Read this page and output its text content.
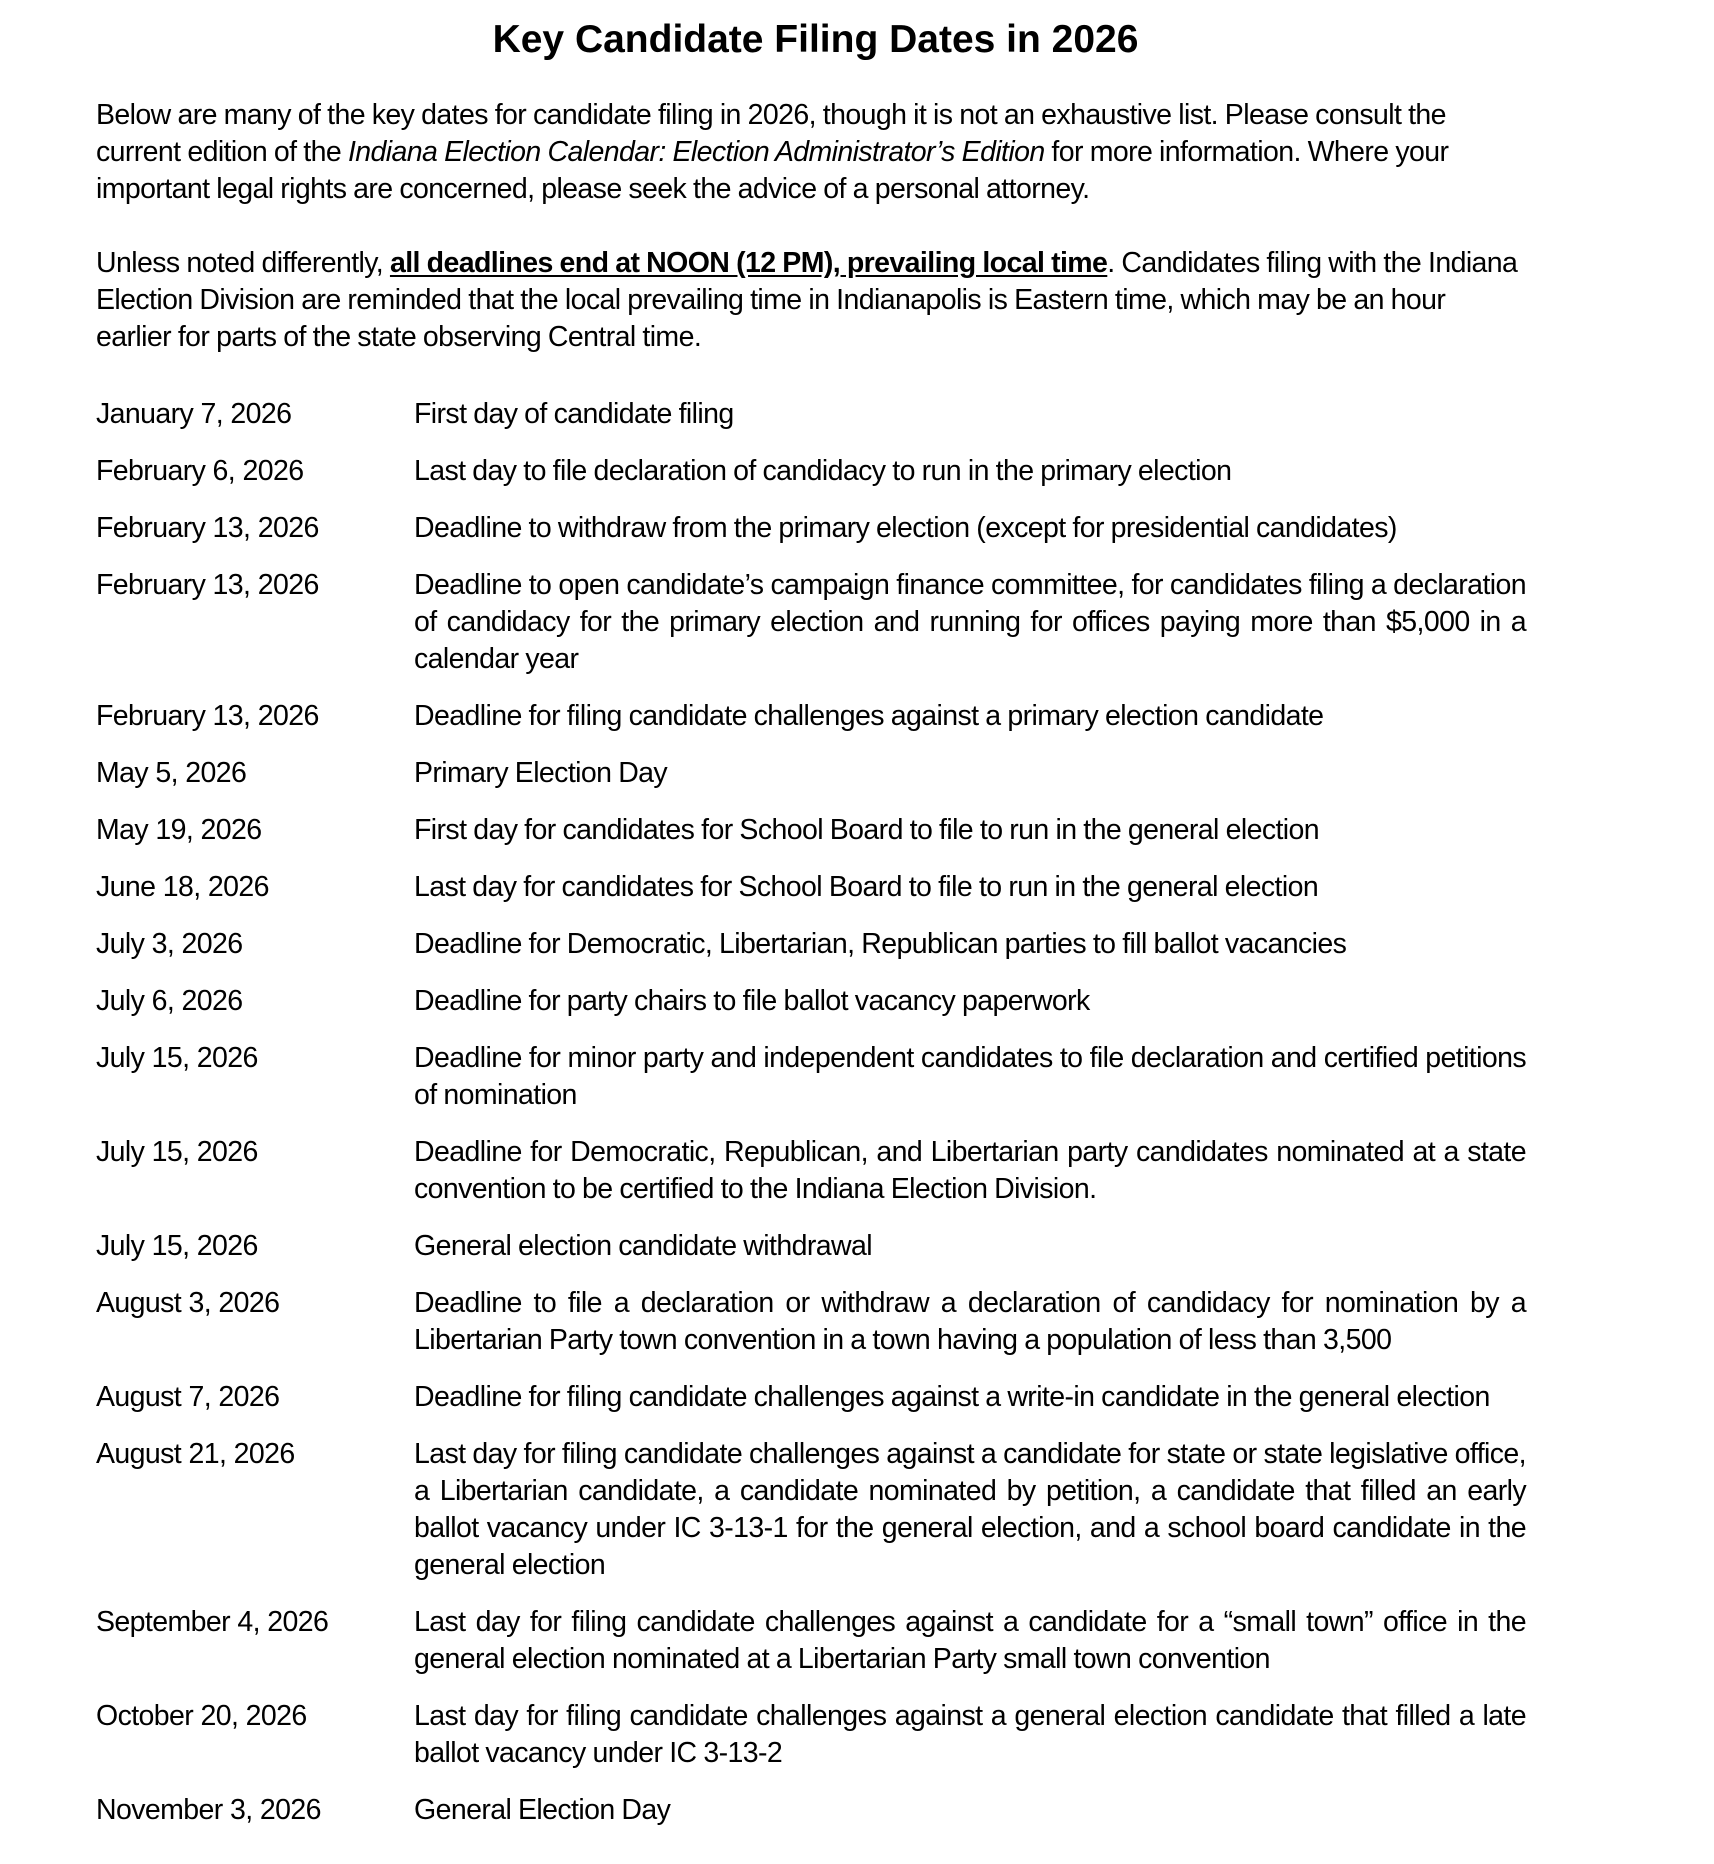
Key Candidate Filing Dates in 2026

Below are many of the key dates for candidate filing in 2026, though it is not an exhaustive list. Please consult the current edition of the Indiana Election Calendar: Election Administrator’s Edition for more information. Where your important legal rights are concerned, please seek the advice of a personal attorney.

Unless noted differently, all deadlines end at NOON (12 PM), prevailing local time. Candidates filing with the Indiana Election Division are reminded that the local prevailing time in Indianapolis is Eastern time, which may be an hour earlier for parts of the state observing Central time.

January 7, 2026	First day of candidate filing
February 6, 2026	Last day to file declaration of candidacy to run in the primary election
February 13, 2026	Deadline to withdraw from the primary election (except for presidential candidates)
February 13, 2026	Deadline to open candidate’s campaign finance committee, for candidates filing a declaration of candidacy for the primary election and running for offices paying more than $5,000 in a calendar year
February 13, 2026	Deadline for filing candidate challenges against a primary election candidate
May 5, 2026	Primary Election Day
May 19, 2026	First day for candidates for School Board to file to run in the general election
June 18, 2026	Last day for candidates for School Board to file to run in the general election
July 3, 2026	Deadline for Democratic, Libertarian, Republican parties to fill ballot vacancies
July 6, 2026	Deadline for party chairs to file ballot vacancy paperwork
July 15, 2026	Deadline for minor party and independent candidates to file declaration and certified petitions of nomination
July 15, 2026	Deadline for Democratic, Republican, and Libertarian party candidates nominated at a state convention to be certified to the Indiana Election Division.
July 15, 2026	General election candidate withdrawal
August 3, 2026	Deadline to file a declaration or withdraw a declaration of candidacy for nomination by a Libertarian Party town convention in a town having a population of less than 3,500
August 7, 2026	Deadline for filing candidate challenges against a write-in candidate in the general election
August 21, 2026	Last day for filing candidate challenges against a candidate for state or state legislative office, a Libertarian candidate, a candidate nominated by petition, a candidate that filled an early ballot vacancy under IC 3-13-1 for the general election, and a school board candidate in the general election
September 4, 2026	Last day for filing candidate challenges against a candidate for a “small town” office in the general election nominated at a Libertarian Party small town convention
October 20, 2026	Last day for filing candidate challenges against a general election candidate that filled a late ballot vacancy under IC 3-13-2
November 3, 2026	General Election Day
